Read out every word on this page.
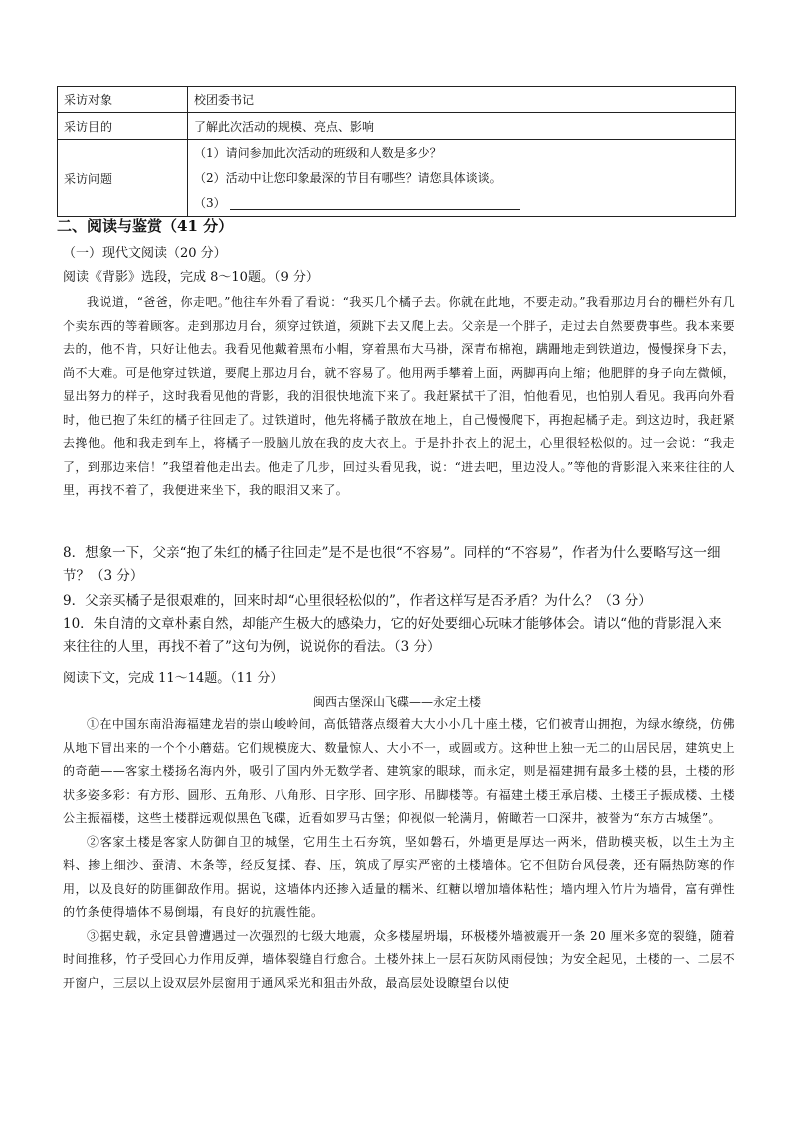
采访对象	校团委书记
采访目的	了解此次活动的规模、亮点、影响
采访问题	（1）请问参加此次活动的班级和人数是多少？
（2）活动中让您印象最深的节目有哪些？请您具体谈谈。
（3）
二、阅读与鉴赏（41 分）
（一）现代文阅读（20 分）
阅读《背影》选段，完成 8～10题。（9 分）

我说道，“爸爸，你走吧。”他往车外看了看说：“我买几个橘子去。你就在此地，不要走动。”我看那边月台的栅栏外有几个卖东西的等着顾客。走到那边月台，须穿过铁道，须跳下去又爬上去。父亲是一个胖子，走过去自然要费事些。我本来要去的，他不肯，只好让他去。我看见他戴着黑布小帽，穿着黑布大马褂，深青布棉袍，蹒跚地走到铁道边，慢慢探身下去，尚不大难。可是他穿过铁道，要爬上那边月台，就不容易了。他用两手攀着上面，两脚再向上缩；他肥胖的身子向左微倾，显出努力的样子，这时我看见他的背影，我的泪很快地流下来了。我赶紧拭干了泪，怕他看见，也怕别人看见。我再向外看时，他已抱了朱红的橘子往回走了。过铁道时，他先将橘子散放在地上，自己慢慢爬下，再抱起橘子走。到这边时，我赶紧去搀他。他和我走到车上，将橘子一股脑儿放在我的皮大衣上。于是扑扑衣上的泥土，心里很轻松似的。过一会说：“我走了，到那边来信！”我望着他走出去。他走了几步，回过头看见我，说：“进去吧，里边没人。”等他的背影混入来来往往的人里，再找不着了，我便进来坐下，我的眼泪又来了。

8．想象一下，父亲“抱了朱红的橘子往回走”是不是也很“不容易”。同样的“不容易”，作者为什么要略写这一细节？（3 分）
9．父亲买橘子是很艰难的，回来时却“心里很轻松似的”，作者这样写是否矛盾？为什么？（3 分）
10．朱自清的文章朴素自然，却能产生极大的感染力，它的好处要细心玩味才能够体会。请以“他的背影混入来来往往的人里，再找不着了”这句为例，说说你的看法。（3 分）
阅读下文，完成 11～14题。（11 分）
闽西古堡深山飞碟——永定土楼

①在中国东南沿海福建龙岩的崇山峻岭间，高低错落点缀着大大小小几十座土楼，它们被青山拥抱，为绿水缭绕，仿佛从地下冒出来的一个个小蘑菇。它们规模庞大、数量惊人、大小不一，或圆或方。这种世上独一无二的山居民居，建筑史上的奇葩——客家土楼扬名海内外，吸引了国内外无数学者、建筑家的眼球，而永定，则是福建拥有最多土楼的县，土楼的形状多姿多彩：有方形、圆形、五角形、八角形、日字形、回字形、吊脚楼等。有福建土楼王承启楼、土楼王子振成楼、土楼公主振福楼，这些土楼群远观似黑色飞碟，近看如罗马古堡；仰视似一轮满月，俯瞰若一口深井，被誉为“东方古城堡”。

②客家土楼是客家人防御自卫的城堡，它用生土石夯筑，坚如磐石，外墙更是厚达一两米，借助模夹板，以生土为主料、掺上细沙、蚕清、木条等，经反复揉、舂、压，筑成了厚实严密的土楼墙体。它不但防台风侵袭，还有隔热防寒的作用，以及良好的防匪御敌作用。据说，这墙体内还掺入适量的糯米、红糖以增加墙体粘性；墙内埋入竹片为墙骨，富有弹性的竹条使得墙体不易倒塌，有良好的抗震性能。

③据史载，永定县曾遭遇过一次强烈的七级大地震，众多楼屋坍塌，环极楼外墙被震开一条 20 厘米多宽的裂缝，随着时间推移，竹子受回心力作用反弹，墙体裂缝自行愈合。土楼外抹上一层石灰防风雨侵蚀；为安全起见，土楼的一、二层不开窗户，三层以上设双层外层窗用于通风采光和狙击外敌，最高层处设瞭望台以使
